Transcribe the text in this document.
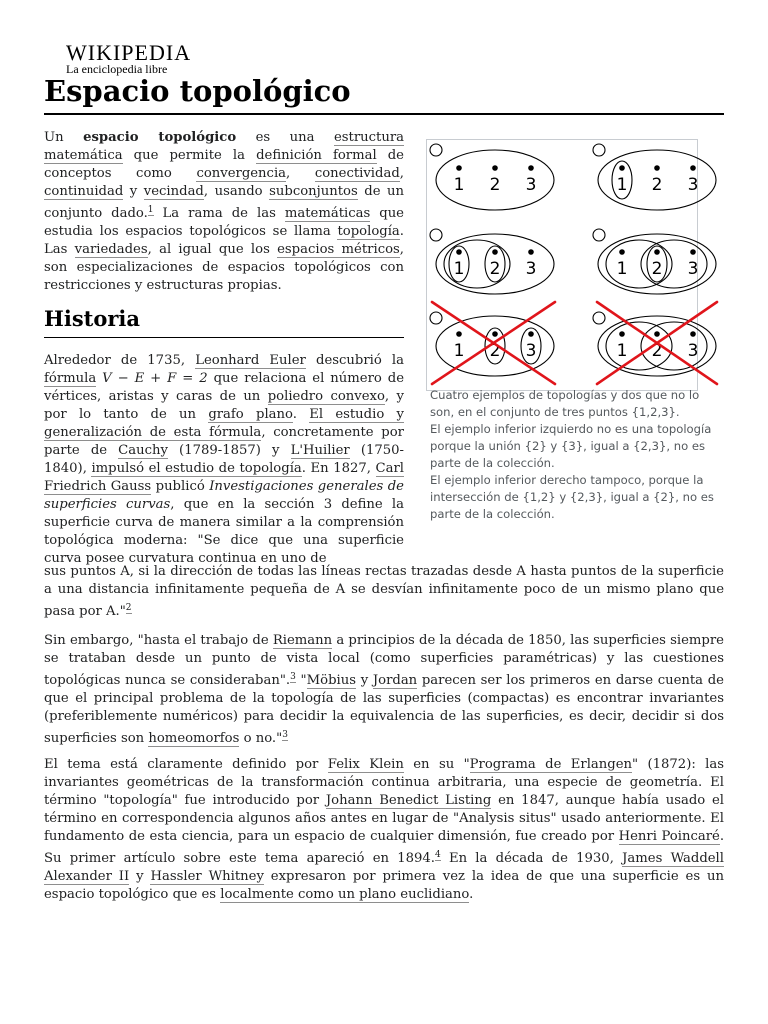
WIKIPEDIA
La enciclopedia libre
Espacio topológico

Un espacio topológico es una estructura matemática que permite la definición formal de conceptos como convergencia, conectividad, continuidad y vecindad, usando subconjuntos de un conjunto dado.$^1$ La rama de las matemáticas que estudia los espacios topológicos se llama topología. Las variedades, al igual que los espacios métricos, son especializaciones de espacios topológicos con restricciones y estructuras propias.

Historia

Alrededor de 1735, Leonhard Euler descubrió la fórmula V − E + F = 2 que relaciona el número de vértices, aristas y caras de un poliedro convexo, y por lo tanto de un grafo plano. El estudio y generalización de esta fórmula, concretamente por parte de Cauchy (1789-1857) y L'Huilier (1750-1840), impulsó el estudio de topología. En 1827, Carl Friedrich Gauss publicó Investigaciones generales de superficies curvas, que en la sección 3 define la superficie curva de manera similar a la comprensión topológica moderna: "Se dice que una superficie curva posee curvatura continua en uno de

sus puntos A, si la dirección de todas las líneas rectas trazadas desde A hasta puntos de la superficie a una distancia infinitamente pequeña de A se desvían infinitamente poco de un mismo plano que pasa por A."$^2$

Sin embargo, "hasta el trabajo de Riemann a principios de la década de 1850, las superficies siempre se trataban desde un punto de vista local (como superficies paramétricas) y las cuestiones topológicas nunca se consideraban".$^3$ "Möbius y Jordan parecen ser los primeros en darse cuenta de que el principal problema de la topología de las superficies (compactas) es encontrar invariantes (preferiblemente numéricos) para decidir la equivalencia de las superficies, es decir, decidir si dos superficies son homeomorfos o no."$^3$

El tema está claramente definido por Felix Klein en su "Programa de Erlangen" (1872): las invariantes geométricas de la transformación continua arbitraria, una especie de geometría. El término "topología" fue introducido por Johann Benedict Listing en 1847, aunque había usado el término en correspondencia algunos años antes en lugar de "Analysis situs" usado anteriormente. El fundamento de esta ciencia, para un espacio de cualquier dimensión, fue creado por Henri Poincaré. Su primer artículo sobre este tema apareció en 1894.$^4$ En la década de 1930, James Waddell Alexander II y Hassler Whitney expresaron por primera vez la idea de que una superficie es un espacio topológico que es localmente como un plano euclidiano.

1 2 3	1 2 3
1 2 3	1 2 3
1 2 3	1 2 3
Cuatro ejemplos de topologías y dos que no lo son, en el conjunto de tres puntos {1,2,3}.
El ejemplo inferior izquierdo no es una topología porque la unión {2} y {3}, igual a {2,3}, no es parte de la colección.
El ejemplo inferior derecho tampoco, porque la intersección de {1,2} y {2,3}, igual a {2}, no es parte de la colección.
